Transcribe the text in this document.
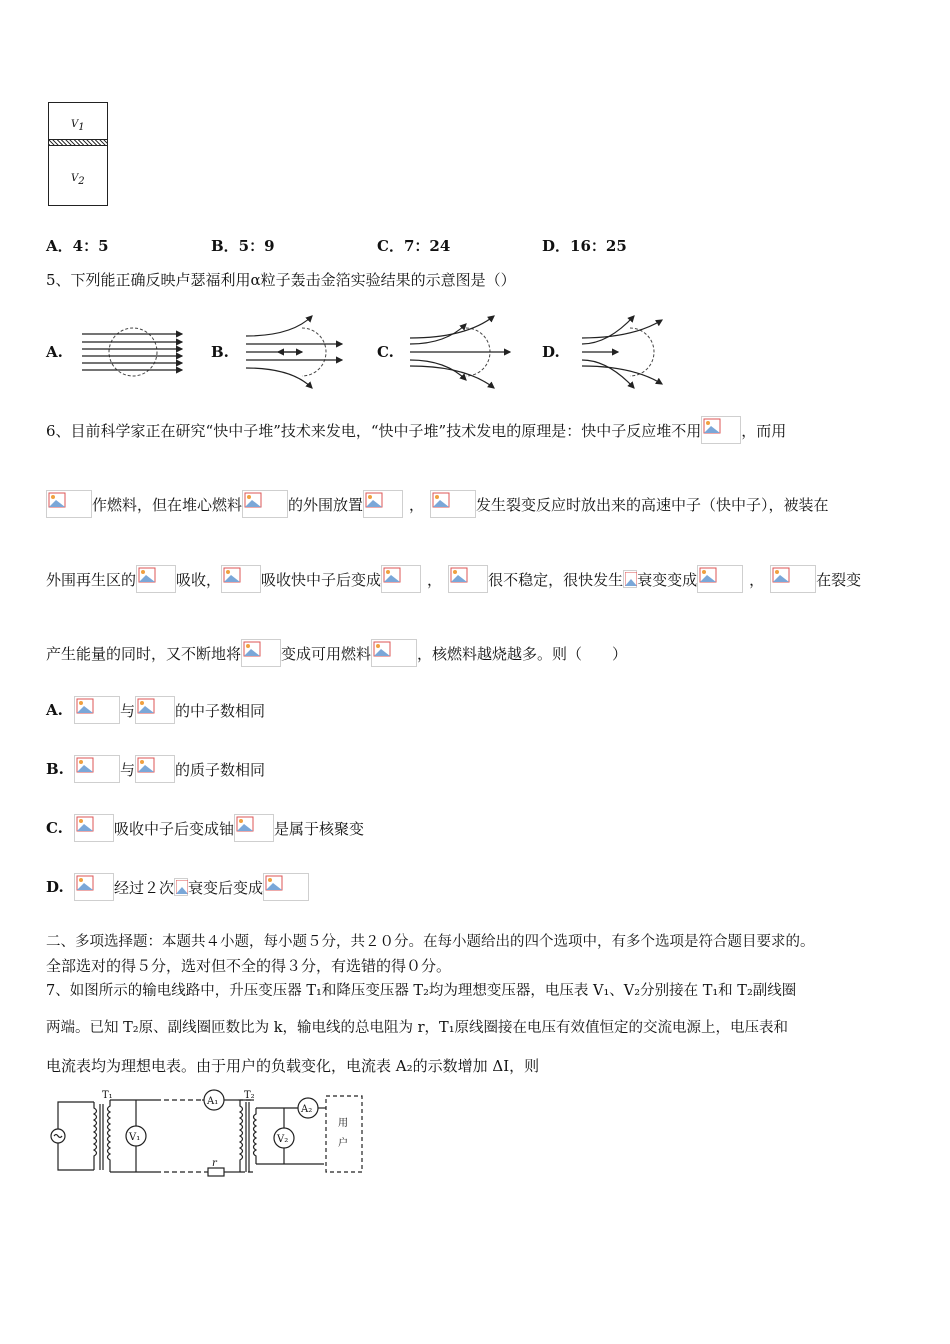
$V_1$
$V_2$
A．4：5	B．5：9	C．7：24	D．16：25
5、下列能正确反映卢瑟福利用α粒子轰击金箔实验结果的示意图是（）
A.	B.	C.	D.
6、目前科学家正在研究“快中子堆”技术来发电，“快中子堆”技术发电的原理是：快中子反应堆不用	，而用
作燃料，但在堆心燃料	的外围放置	，	发生裂变反应时放出来的高速中子（快中子），被装在
外围再生区的	吸收，	吸收快中子后变成	，	很不稳定，很快发生 衰变变成	，	在裂变
产生能量的同时，又不断地将	变成可用燃料	，核燃料越烧越多。则（　　）
A.	与	的中子数相同
B.	与	的质子数相同
C.	吸收中子后变成铀	是属于核聚变
D.	经过２次 衰变后变成
二、多项选择题：本题共４小题，每小题５分，共２０分。在每小题给出的四个选项中，有多个选项是符合题目要求的。
全部选对的得５分，选对但不全的得３分，有选错的得０分。
7、如图所示的输电线路中，升压变压器 T₁和降压变压器 T₂均为理想变压器，电压表 V₁、V₂分别接在 T₁和 T₂副线圈
两端。已知 T₂原、副线圈匝数比为 k，输电线的总电阻为 r，T₁原线圈接在电压有效值恒定的交流电源上，电压表和
电流表均为理想电表。由于用户的负载变化，电流表 A₂的示数增加 ΔI，则
T₁	T₂
V₁	V₂
A₁
A₂
r
用
户
